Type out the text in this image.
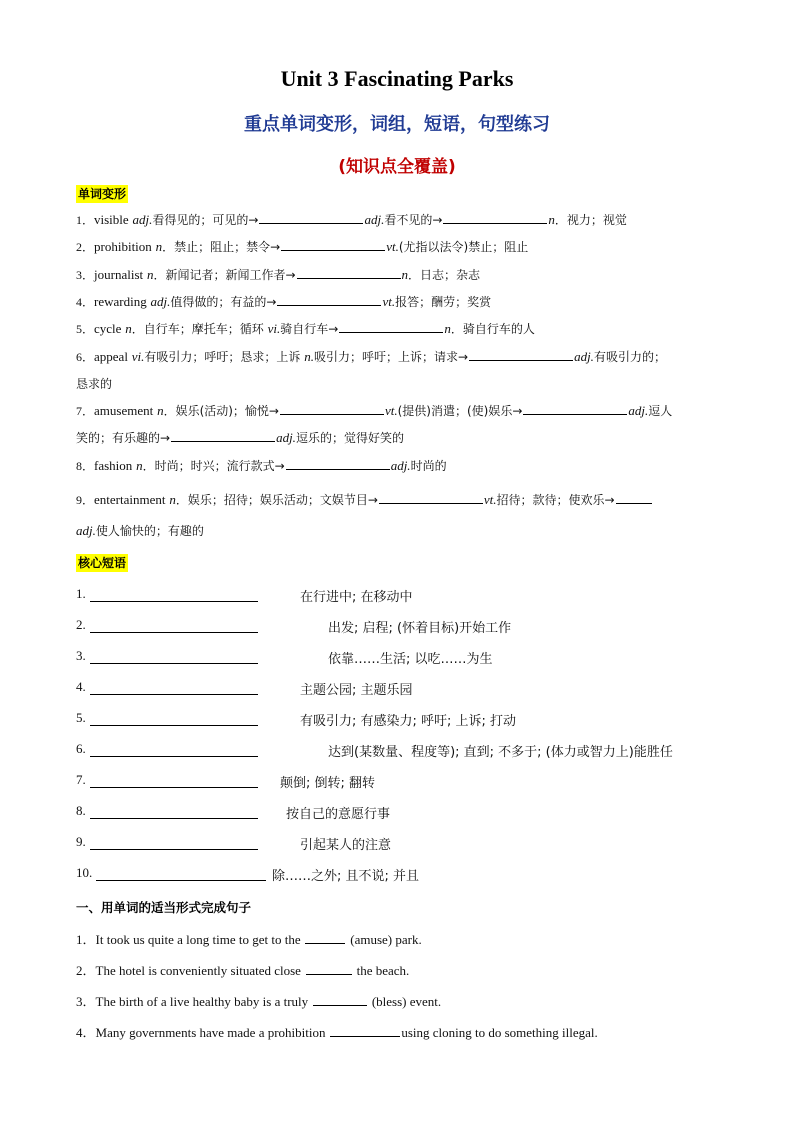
Unit 3 Fascinating Parks
重点单词变形，词组，短语，句型练习
(知识点全覆盖)
单词变形
1．visible adj.看得见的；可见的→	adj.看不见的→	n．视力；视觉
2．prohibition n．禁止；阻止；禁令→	vt.(尤指以法令)禁止；阻止
3．journalist n．新闻记者；新闻工作者→	n．日志；杂志
4．rewarding adj.值得做的；有益的→	vt.报答；酬劳；奖赏
5．cycle n．自行车；摩托车；循环 vi.骑自行车→	n．骑自行车的人
6．appeal vi.有吸引力；呼吁；恳求；上诉 n.吸引力；呼吁；上诉；请求→	adj.有吸引力的；
恳求的
7．amusement n．娱乐(活动)；愉悦→	vt.(提供)消遣；(使)娱乐→	adj.逗人
笑的；有乐趣的→	adj.逗乐的；觉得好笑的
8．fashion n．时尚；时兴；流行款式→	adj.时尚的
9．entertainment n．娱乐；招待；娱乐活动；文娱节目→	vt.招待；款待；使欢乐→
adj.使人愉快的；有趣的
核心短语
1.	在行进中; 在移动中
2.	出发; 启程; (怀着目标)开始工作
3.	依靠……生活; 以吃……为生
4.	主题公园; 主题乐园
5.	有吸引力; 有感染力; 呼吁; 上诉; 打动
6.	达到(某数量、程度等); 直到; 不多于; (体力或智力上)能胜任
7.	颠倒; 倒转; 翻转
8.	按自己的意愿行事
9.	引起某人的注意
10.	除……之外; 且不说; 并且
一、用单词的适当形式完成句子
1．It took us quite a long time to get to the	(amuse) park.
2．The hotel is conveniently situated close	the beach.
3．The birth of a live healthy baby is a truly	(bless) event.
4．Many governments have made a prohibition	using cloning to do something illegal.
